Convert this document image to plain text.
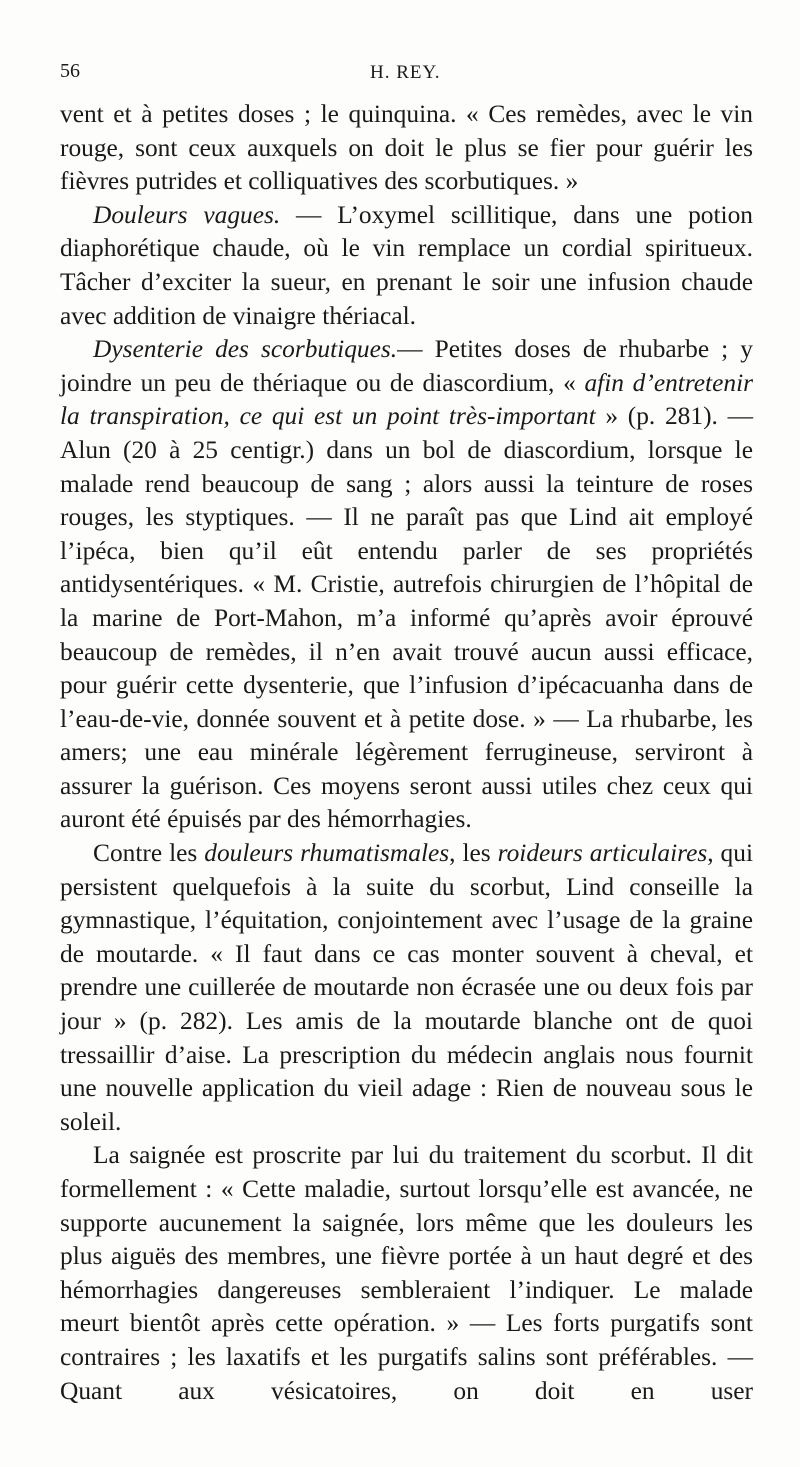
56	H. REY.

vent et à petites doses ; le quinquina. « Ces remèdes, avec le vin rouge, sont ceux auxquels on doit le plus se fier pour guérir les fièvres putrides et colliquatives des scorbutiques. »

Douleurs vagues. — L’oxymel scillitique, dans une potion diaphorétique chaude, où le vin remplace un cordial spiritueux. Tâcher d’exciter la sueur, en prenant le soir une infusion chaude avec addition de vinaigre thériacal.

Dysenterie des scorbutiques.— Petites doses de rhubarbe ; y joindre un peu de thériaque ou de diascordium, « afin d’entretenir la transpiration, ce qui est un point très-important » (p. 281). — Alun (20 à 25 centigr.) dans un bol de diascordium, lorsque le malade rend beaucoup de sang ; alors aussi la teinture de roses rouges, les styptiques. — Il ne paraît pas que Lind ait employé l’ipéca, bien qu’il eût entendu parler de ses propriétés antidysentériques. « M. Cristie, autrefois chirurgien de l’hôpital de la marine de Port-Mahon, m’a informé qu’après avoir éprouvé beaucoup de remèdes, il n’en avait trouvé aucun aussi efficace, pour guérir cette dysenterie, que l’infusion d’ipécacuanha dans de l’eau-de-vie, donnée souvent et à petite dose. » — La rhubarbe, les amers; une eau minérale légèrement ferrugineuse, serviront à assurer la guérison. Ces moyens seront aussi utiles chez ceux qui auront été épuisés par des hémorrhagies.

Contre les douleurs rhumatismales, les roideurs articulaires, qui persistent quelquefois à la suite du scorbut, Lind conseille la gymnastique, l’équitation, conjointement avec l’usage de la graine de moutarde. « Il faut dans ce cas monter souvent à cheval, et prendre une cuillerée de moutarde non écrasée une ou deux fois par jour » (p. 282). Les amis de la moutarde blanche ont de quoi tressaillir d’aise. La prescription du médecin anglais nous fournit une nouvelle application du vieil adage : Rien de nouveau sous le soleil.

La saignée est proscrite par lui du traitement du scorbut. Il dit formellement : « Cette maladie, surtout lorsqu’elle est avancée, ne supporte aucunement la saignée, lors même que les douleurs les plus aiguës des membres, une fièvre portée à un haut degré et des hémorrhagies dangereuses sembleraient l’indiquer. Le malade meurt bientôt après cette opération. » — Les forts purgatifs sont contraires ; les laxatifs et les purgatifs salins sont préférables. — Quant aux vésicatoires, on doit en user
